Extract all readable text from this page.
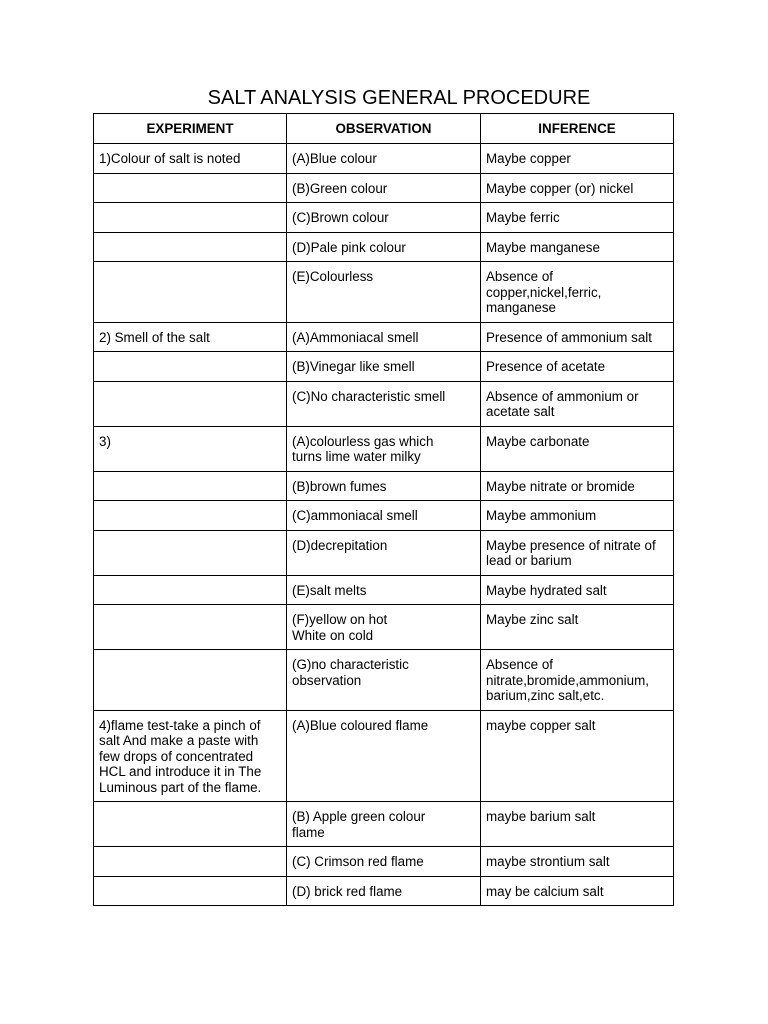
SALT ANALYSIS GENERAL PROCEDURE
EXPERIMENT	OBSERVATION	INFERENCE
1)Colour of salt is noted	(A)Blue colour	Maybe copper
	(B)Green colour	Maybe copper (or) nickel
	(C)Brown colour	Maybe ferric
	(D)Pale pink colour	Maybe manganese
	(E)Colourless	Absence of
copper,nickel,ferric,
manganese
2) Smell of the salt	(A)Ammoniacal smell	Presence of ammonium salt
	(B)Vinegar like smell	Presence of acetate
	(C)No characteristic smell	Absence of ammonium or
acetate salt
3)	(A)colourless gas which
turns lime water milky	Maybe carbonate
	(B)brown fumes	Maybe nitrate or bromide
	(C)ammoniacal smell	Maybe ammonium
	(D)decrepitation	Maybe presence of nitrate of
lead or barium
	(E)salt melts	Maybe hydrated salt
	(F)yellow on hot
White on cold	Maybe zinc salt
	(G)no characteristic
observation	Absence of
nitrate,bromide,ammonium,
barium,zinc salt,etc.
4)flame test-take a pinch of
salt And make a paste with
few drops of concentrated
HCL and introduce it in The
Luminous part of the flame.	(A)Blue coloured flame	maybe copper salt
	(B) Apple green colour
flame	maybe barium salt
	(C) Crimson red flame	maybe strontium salt
	(D) brick red flame	may be calcium salt
